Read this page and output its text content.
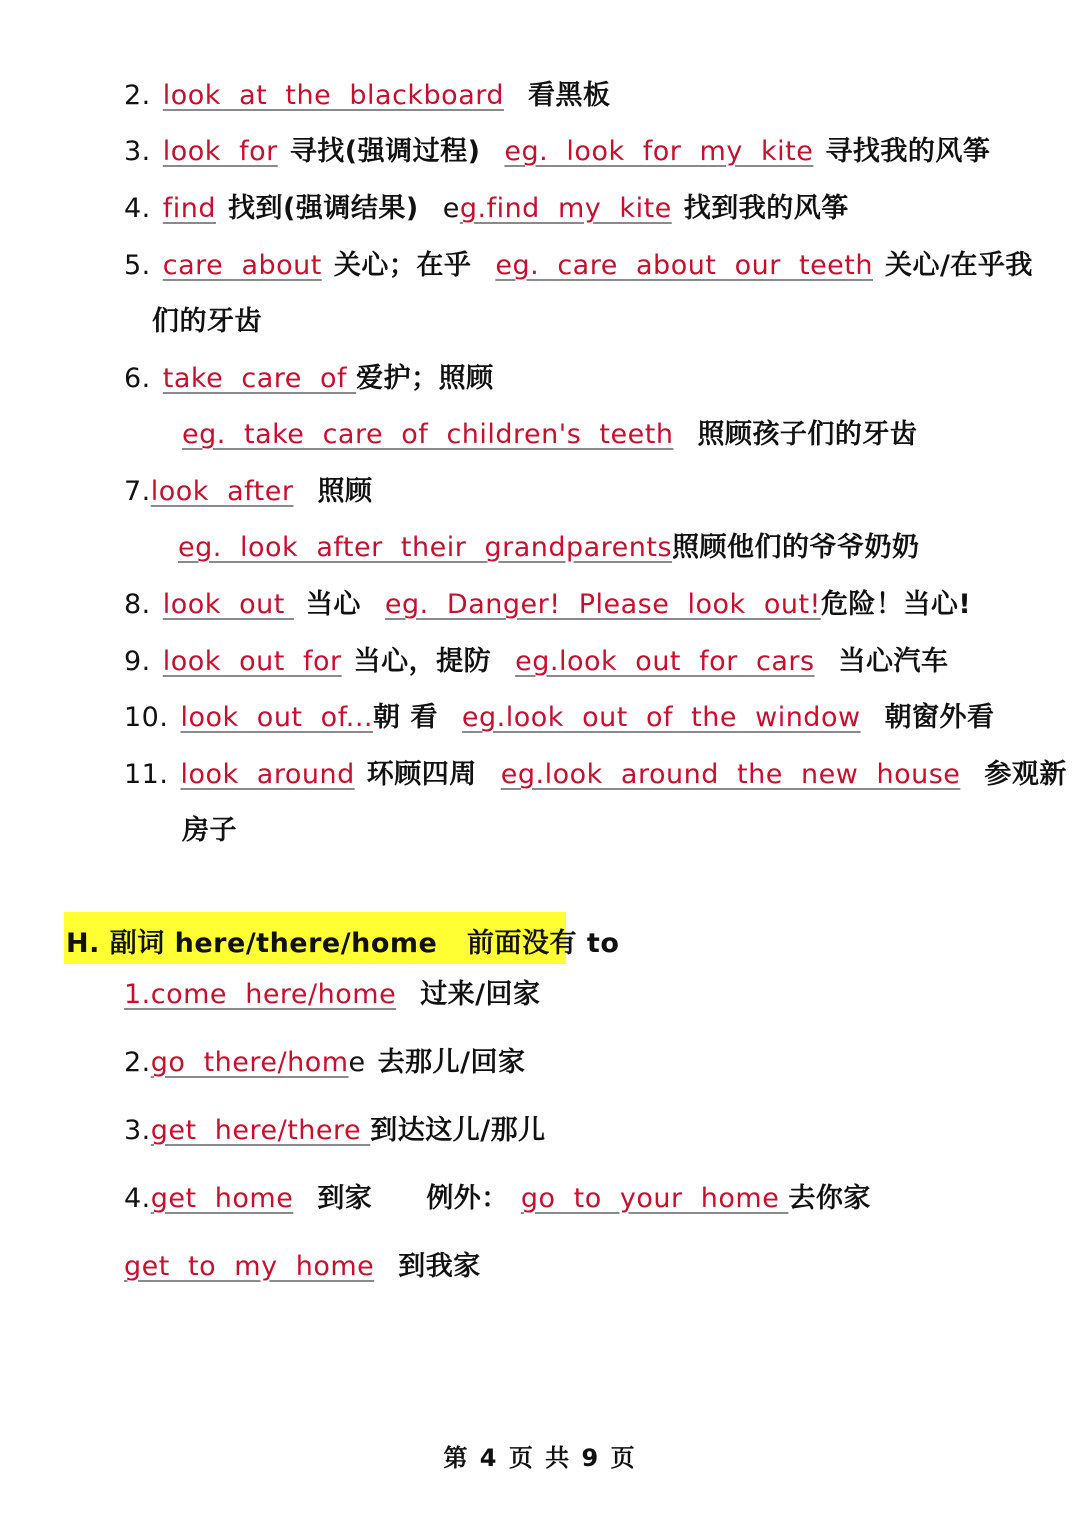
2. look  at  the  blackboard 看黑板
3. look  for 寻找(强调过程) eg.  look  for  my  kite 寻找我的风筝
4. find 找到(强调结果) eg.find  my  kite 找到我的风筝
5. care  about 关心；在乎 eg.  care  about  our  teeth 关心/在乎我
们的牙齿
6. take  care  of 爱护；照顾
eg.  take  care  of  children's  teeth 照顾孩子们的牙齿
7.look  after 照顾
eg.  look  after  their  grandparents照顾他们的爷爷奶奶
8. look  out 当心 eg.  Danger!  Please  look  out!危险！当心!
9. look  out  for 当心，提防 eg.look  out  for  cars 当心汽车
10. look  out  of...朝 看 eg.look  out  of  the  window 朝窗外看
11. look  around 环顾四周 eg.look  around  the  new  house 参观新
房子
H. 副词 here/there/home   前面没有 to
1.come  here/home 过来/回家
2.go  there/home 去那儿/回家
3.get  here/there 到达这儿/那儿
4.get  home 到家 例外： go  to  your  home 去你家
get  to  my  home 到我家
第 4 页 共 9 页
